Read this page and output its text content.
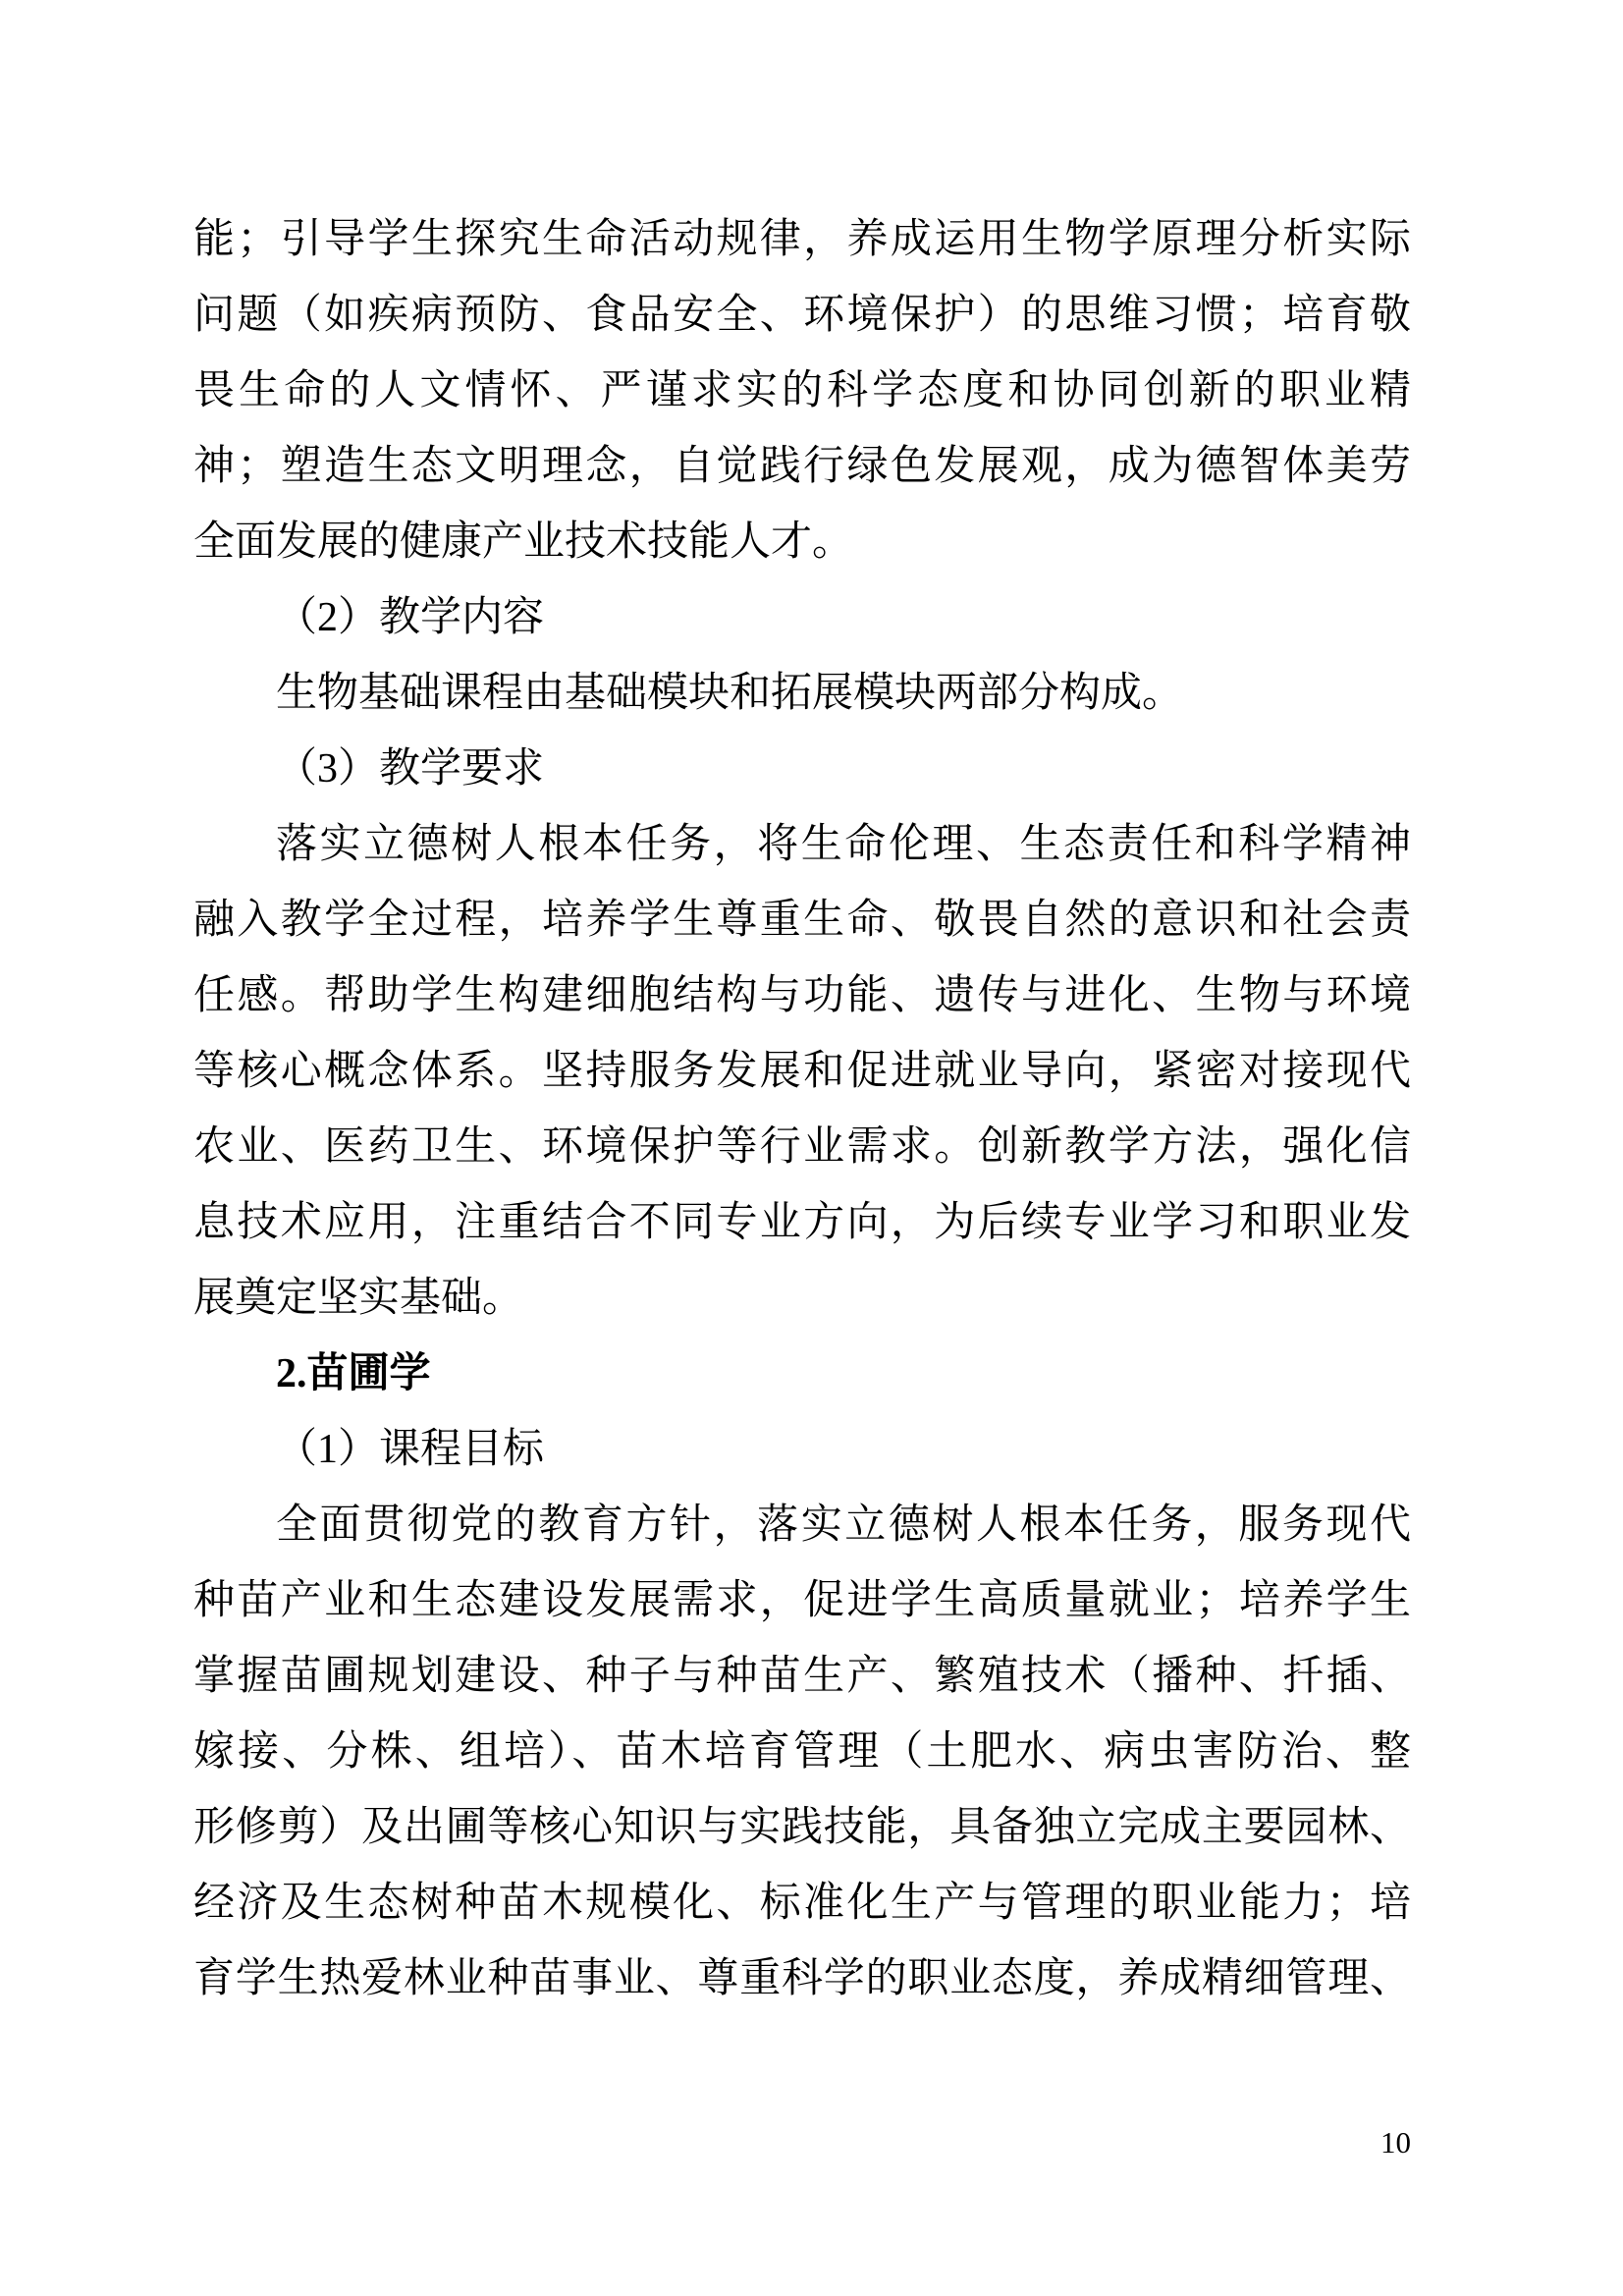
能；引导学生探究生命活动规律，养成运用生物学原理分析实际
问题（如疾病预防、食品安全、环境保护）的思维习惯；培育敬
畏生命的人文情怀、严谨求实的科学态度和协同创新的职业精
神；塑造生态文明理念，自觉践行绿色发展观，成为德智体美劳
全面发展的健康产业技术技能人才。
（2）教学内容
生物基础课程由基础模块和拓展模块两部分构成。
（3）教学要求
落实立德树人根本任务，将生命伦理、生态责任和科学精神
融入教学全过程，培养学生尊重生命、敬畏自然的意识和社会责
任感。帮助学生构建细胞结构与功能、遗传与进化、生物与环境
等核心概念体系。坚持服务发展和促进就业导向，紧密对接现代
农业、医药卫生、环境保护等行业需求。创新教学方法，强化信
息技术应用，注重结合不同专业方向，为后续专业学习和职业发
展奠定坚实基础。
2.苗圃学
（1）课程目标
全面贯彻党的教育方针，落实立德树人根本任务，服务现代
种苗产业和生态建设发展需求，促进学生高质量就业；培养学生
掌握苗圃规划建设、种子与种苗生产、繁殖技术（播种、扦插、
嫁接、分株、组培）、苗木培育管理（土肥水、病虫害防治、整
形修剪）及出圃等核心知识与实践技能，具备独立完成主要园林、
经济及生态树种苗木规模化、标准化生产与管理的职业能力；培
育学生热爱林业种苗事业、尊重科学的职业态度，养成精细管理、
10
